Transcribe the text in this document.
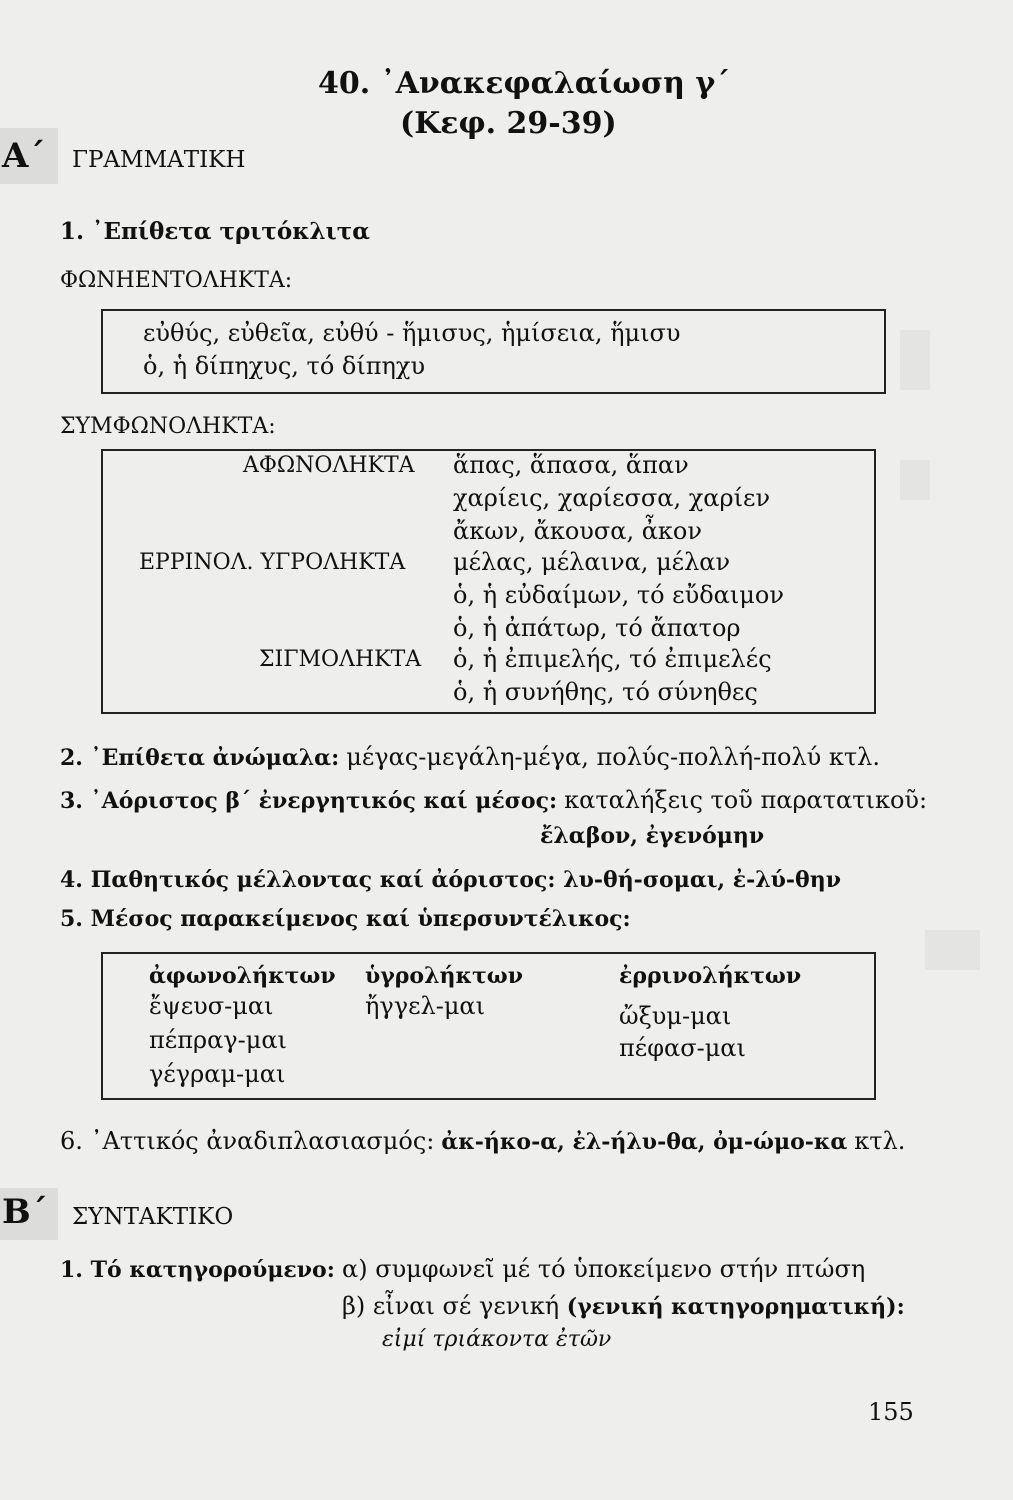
40. ᾿Ανακεφαλαίωση γ΄
(Κεφ. 29-39)
Α΄ ΓΡΑΜΜΑΤΙΚΗ
1. ᾿Επίθετα τριτόκλιτα
ΦΩΝΗΕΝΤΟΛΗΚΤΑ:
εὐθύς, εὐθεῖα, εὐθύ - ἥμισυς, ἡμίσεια, ἥμισυ
ὁ, ἡ δίπηχυς, τό δίπηχυ
ΣΥΜΦΩΝΟΛΗΚΤΑ:
ΑΦΩΝΟΛΗΚΤΑ ἅπας, ἅπασα, ἅπαν
χαρίεις, χαρίεσσα, χαρίεν
ἄκων, ἄκουσα, ἆκον
ΕΡΡΙΝΟΛ. ΥΓΡΟΛΗΚΤΑ μέλας, μέλαινα, μέλαν
ὁ, ἡ εὐδαίμων, τό εὔδαιμον
ὁ, ἡ ἀπάτωρ, τό ἄπατορ
ΣΙΓΜΟΛΗΚΤΑ ὁ, ἡ ἐπιμελής, τό ἐπιμελές
ὁ, ἡ συνήθης, τό σύνηθες
2. ᾿Επίθετα ἀνώμαλα: μέγας-μεγάλη-μέγα, πολύς-πολλή-πολύ κτλ.
3. ᾿Αόριστος β΄ ἐνεργητικός καί μέσος: καταλήξεις τοῦ παρατατικοῦ:
ἔλαβον, ἐγενόμην
4. Παθητικός μέλλοντας καί ἀόριστος: λυ-θή-σομαι, ἐ-λύ-θην
5. Μέσος παρακείμενος καί ὑπερσυντέλικος:
ἀφωνολήκτων ὑγρολήκτων	ἐρρινολήκτων
ἔψευσ-μαι
πέπραγ-μαι
γέγραμ-μαι
ἤγγελ-μαι	ὤξυμ-μαι
πέφασ-μαι
6. ᾿Αττικός ἀναδιπλασιασμός: ἀκ-ήκο-α, ἐλ-ήλυ-θα, ὀμ-ώμο-κα κτλ.
Β΄ ΣΥΝΤΑΚΤΙΚΟ
1. Τό κατηγορούμενο: α) συμφωνεῖ μέ τό ὑποκείμενο στήν πτώση
β) εἶναι σέ γενική (γενική κατηγορηματική):
εἰμί τριάκοντα ἐτῶν
155
